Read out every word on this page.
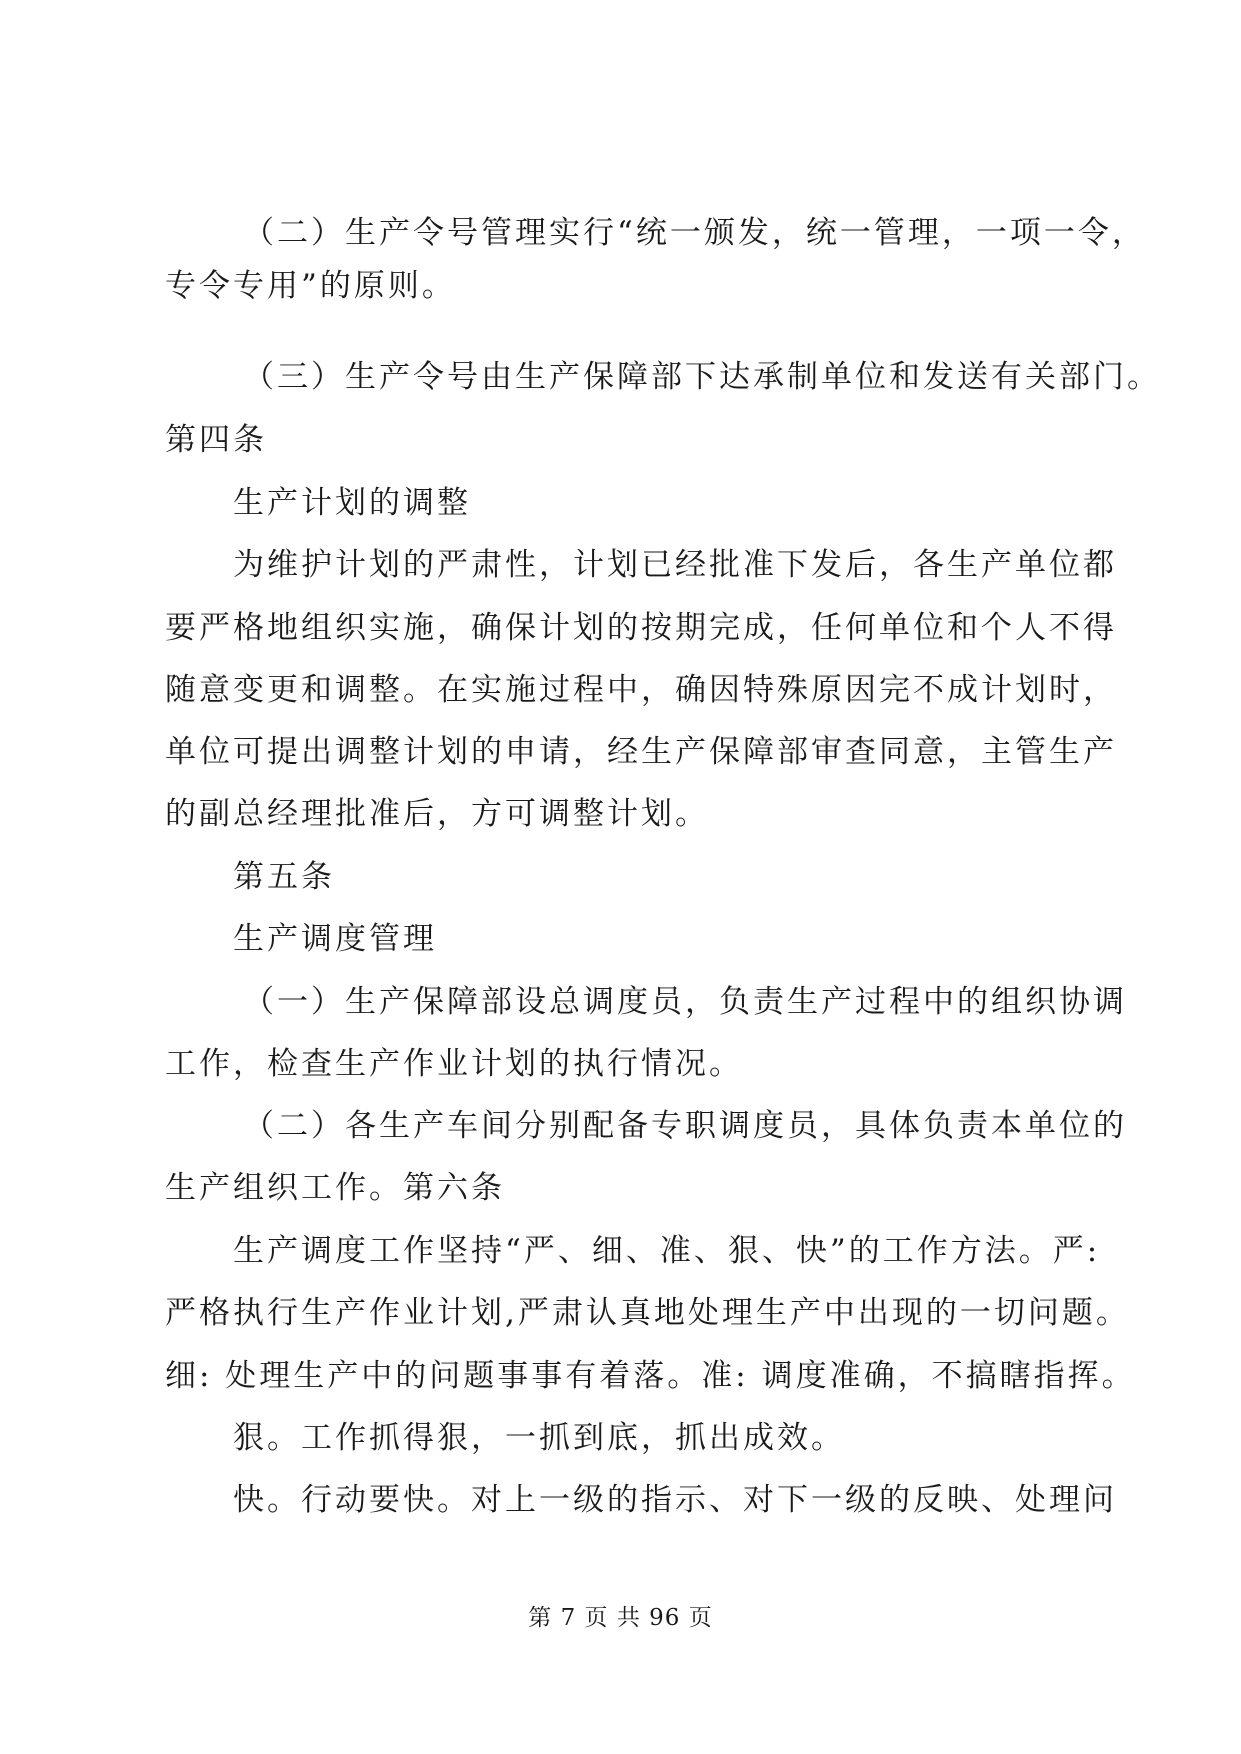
（二）生产令号管理实行“统一颁发，统一管理，一项一令，
专令专用”的原则。
（三）生产令号由生产保障部下达承制单位和发送有关部门。
第四条
生产计划的调整
为维护计划的严肃性，计划已经批准下发后，各生产单位都
要严格地组织实施，确保计划的按期完成，任何单位和个人不得
随意变更和调整。在实施过程中，确因特殊原因完不成计划时，
单位可提出调整计划的申请，经生产保障部审查同意，主管生产
的副总经理批准后，方可调整计划。
第五条
生产调度管理
（一）生产保障部设总调度员，负责生产过程中的组织协调
工作，检查生产作业计划的执行情况。
（二）各生产车间分别配备专职调度员，具体负责本单位的
生产组织工作。第六条
生产调度工作坚持“严、细、准、狠、快”的工作方法。严:
严格执行生产作业计划,严肃认真地处理生产中出现的一切问题。
细: 处理生产中的问题事事有着落。准: 调度准确，不搞瞎指挥。
狠。工作抓得狠，一抓到底，抓出成效。
快。行动要快。对上一级的指示、对下一级的反映、处理问
第 7 页 共 96 页
